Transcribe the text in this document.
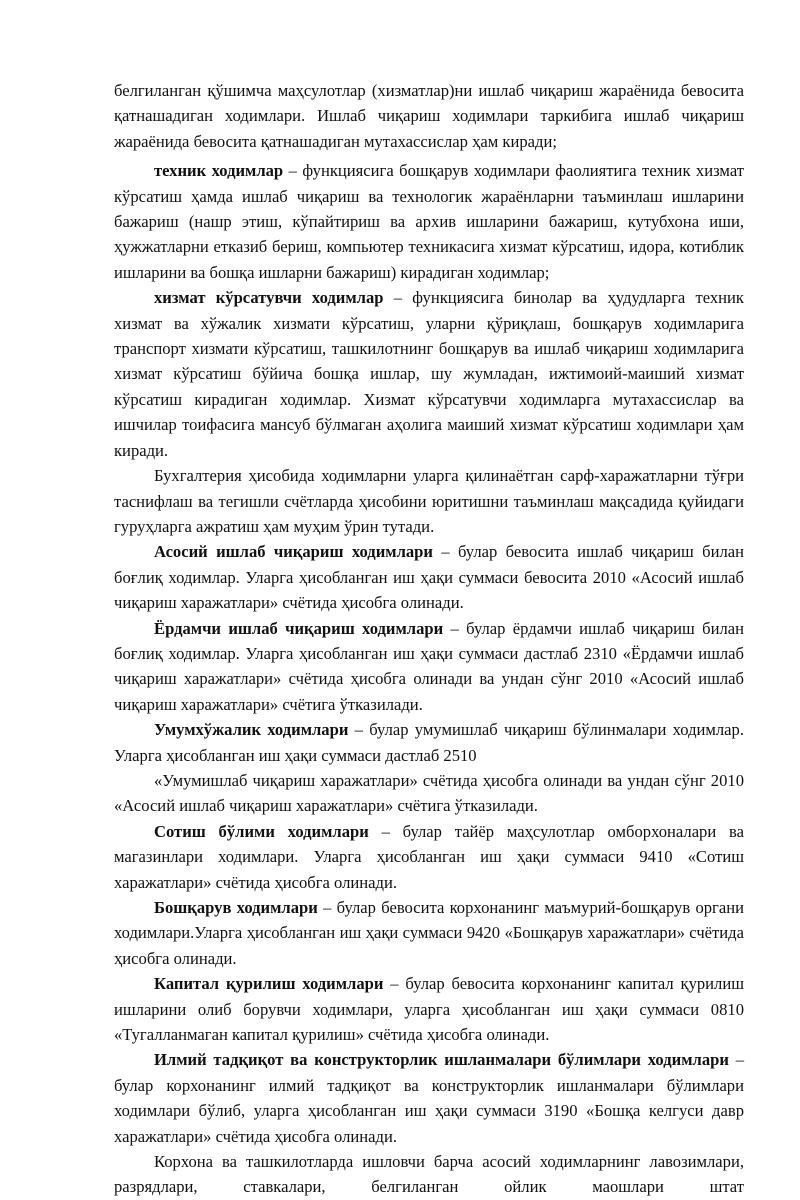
белгиланган қўшимча маҳсулотлар (хизматлар)ни ишлаб чиқариш жараёнида бевосита қатнашадиган ходимлари. Ишлаб чиқариш ходимлари таркибига ишлаб чиқариш жараёнида бевосита қатнашадиган мутахассислар ҳам киради;

техник ходимлар – функциясига бошқарув ходимлари фаолиятига техник хизмат кўрсатиш ҳамда ишлаб чиқариш ва технологик жараёнларни таъминлаш ишларини бажариш (нашр этиш, кўпайтириш ва архив ишларини бажариш, кутубхона иши, ҳужжатларни етказиб бериш, компьютер техникасига хизмат кўрсатиш, идора, котиблик ишларини ва бошқа ишларни бажариш) кирадиган ходимлар;

хизмат кўрсатувчи ходимлар – функциясига бинолар ва ҳудудларга техник хизмат ва хўжалик хизмати кўрсатиш, уларни қўриқлаш, бошқарув ходимларига транспорт хизмати кўрсатиш, ташкилотнинг бошқарув ва ишлаб чиқариш ходимларига хизмат кўрсатиш бўйича бошқа ишлар, шу жумладан, ижтимоий-маиший хизмат кўрсатиш кирадиган ходимлар. Хизмат кўрсатувчи ходимларга мутахассислар ва ишчилар тоифасига мансуб бўлмаган аҳолига маиший хизмат кўрсатиш ходимлари ҳам киради.

Бухгалтерия ҳисобида ходимларни уларга қилинаётган сарф-харажатларни тўғри таснифлаш ва тегишли счётларда ҳисобини юритишни таъминлаш мақсадида қуйидаги гуруҳларга ажратиш ҳам муҳим ўрин тутади.

Асосий ишлаб чиқариш ходимлари – булар бевосита ишлаб чиқариш билан боғлиқ ходимлар. Уларга ҳисобланган иш ҳақи суммаси бевосита 2010 «Асосий ишлаб чиқариш харажатлари» счётида ҳисобга олинади.

Ёрдамчи ишлаб чиқариш ходимлари – булар ёрдамчи ишлаб чиқариш билан боғлиқ ходимлар. Уларга ҳисобланган иш ҳақи суммаси дастлаб 2310 «Ёрдамчи ишлаб чиқариш харажатлари» счётида ҳисобга олинади ва ундан сўнг 2010 «Асосий ишлаб чиқариш харажатлари» счётига ўтказилади.

Умумхўжалик ходимлари – булар умумишлаб чиқариш бўлинмалари ходимлар. Уларга ҳисобланган иш ҳақи суммаси дастлаб 2510

«Умумишлаб чиқариш харажатлари» счётида ҳисобга олинади ва ундан сўнг 2010 «Асосий ишлаб чиқариш харажатлари» счётига ўтказилади.

Сотиш бўлими ходимлари – булар тайёр маҳсулотлар омборхоналари ва магазинлари ходимлари. Уларга ҳисобланган иш ҳақи суммаси 9410 «Сотиш харажатлари» счётида ҳисобга олинади.

Бошқарув ходимлари – булар бевосита корхонанинг маъмурий-бошқарув органи ходимлари.Уларга ҳисобланган иш ҳақи суммаси 9420 «Бошқарув харажатлари» счётида ҳисобга олинади.

Капитал қурилиш ходимлари – булар бевосита корхонанинг капитал қурилиш ишларини олиб борувчи ходимлари, уларга ҳисобланган иш ҳақи суммаси 0810 «Тугалланмаган капитал қурилиш» счётида ҳисобга олинади.

Илмий тадқиқот ва конструкторлик ишланмалари бўлимлари ходимлари – булар корхонанинг илмий тадқиқот ва конструкторлик ишланмалари бўлимлари ходимлари бўлиб, уларга ҳисобланган иш ҳақи суммаси 3190 «Бошқа келгуси давр харажатлари» счётида ҳисобга олинади.

Корхона ва ташкилотларда ишловчи барча асосий ходимларнинг лавозимлари, разрядлари, ставкалари, белгиланган ойлик маошлари штат
